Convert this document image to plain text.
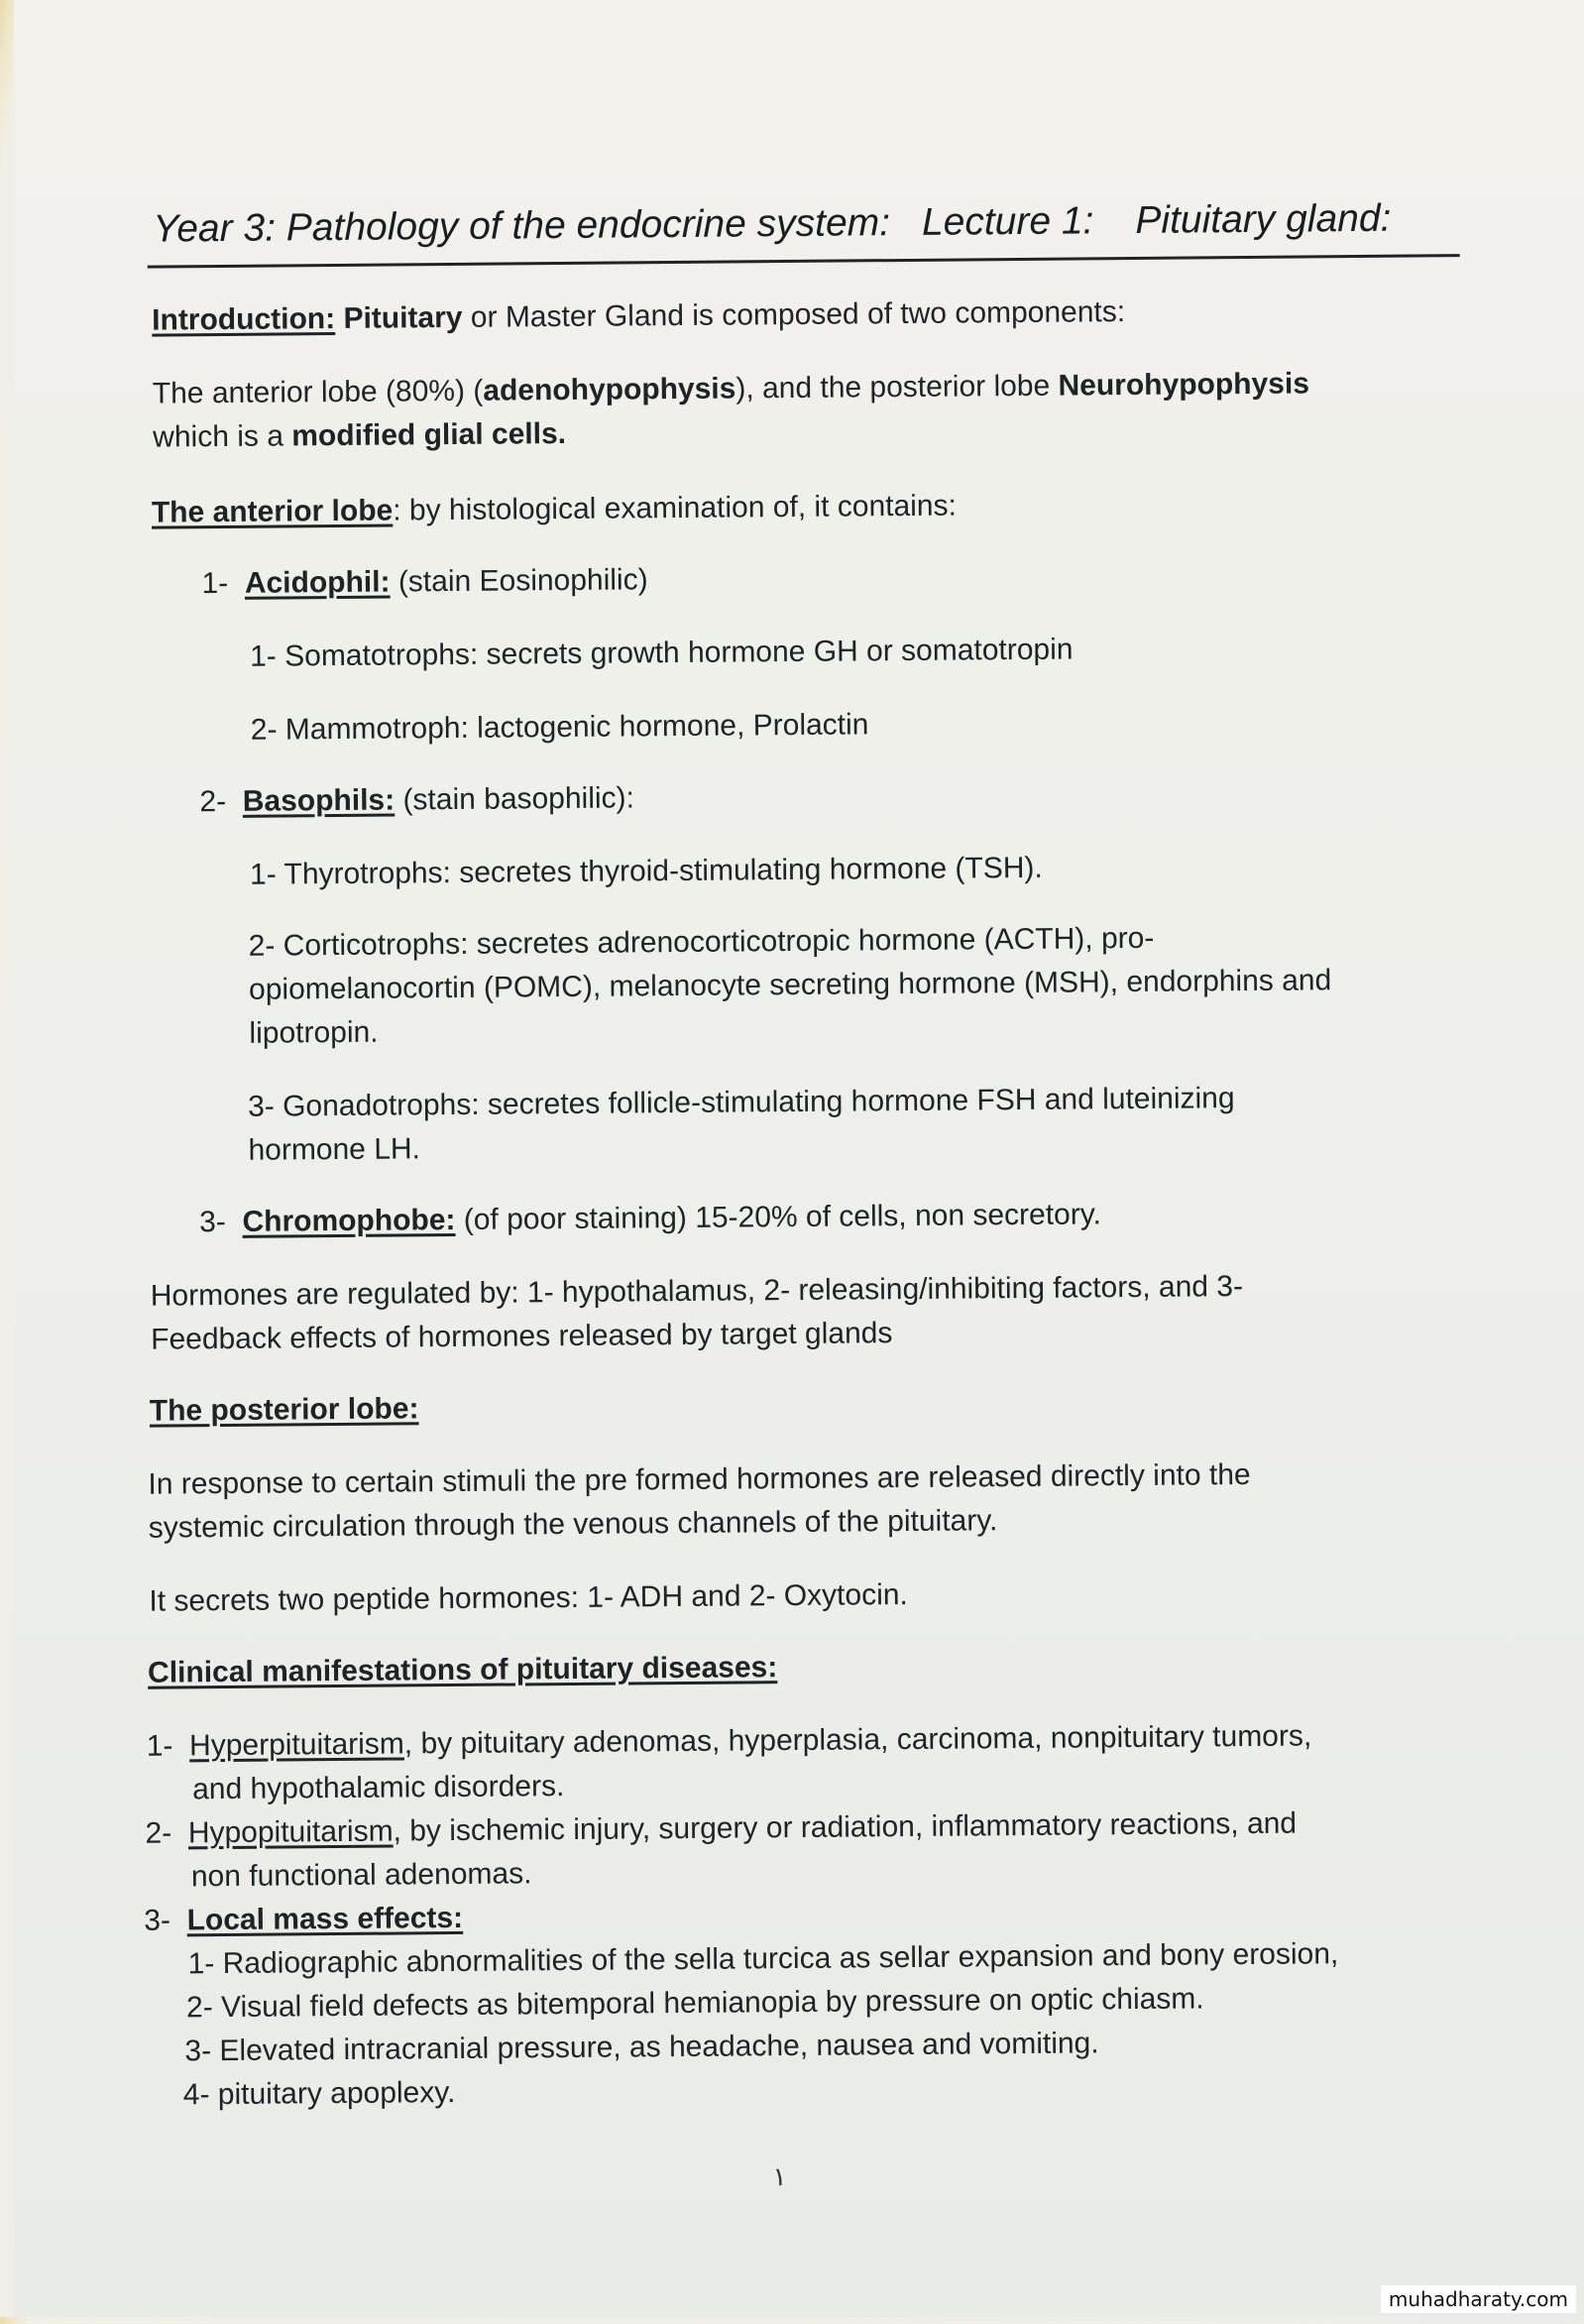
Year 3: Pathology of the endocrine system: Lecture 1: Pituitary gland:
Introduction: Pituitary or Master Gland is composed of two components:
The anterior lobe (80%) (adenohypophysis), and the posterior lobe Neurohypophysis
which is a modified glial cells.
The anterior lobe: by histological examination of, it contains:
1- Acidophil: (stain Eosinophilic)
1- Somatotrophs: secrets growth hormone GH or somatotropin
2- Mammotroph: lactogenic hormone, Prolactin
2- Basophils: (stain basophilic):
1- Thyrotrophs: secretes thyroid-stimulating hormone (TSH).
2- Corticotrophs: secretes adrenocorticotropic hormone (ACTH), pro-
opiomelanocortin (POMC), melanocyte secreting hormone (MSH), endorphins and
lipotropin.
3- Gonadotrophs: secretes follicle-stimulating hormone FSH and luteinizing
hormone LH.
3- Chromophobe: (of poor staining) 15-20% of cells, non secretory.
Hormones are regulated by: 1- hypothalamus, 2- releasing/inhibiting factors, and 3-
Feedback effects of hormones released by target glands
The posterior lobe:
In response to certain stimuli the pre formed hormones are released directly into the
systemic circulation through the venous channels of the pituitary.
It secrets two peptide hormones: 1- ADH and 2- Oxytocin.
Clinical manifestations of pituitary diseases:
1- Hyperpituitarism, by pituitary adenomas, hyperplasia, carcinoma, nonpituitary tumors,
and hypothalamic disorders.
2- Hypopituitarism, by ischemic injury, surgery or radiation, inflammatory reactions, and
non functional adenomas.
3- Local mass effects:
1- Radiographic abnormalities of the sella turcica as sellar expansion and bony erosion,
2- Visual field defects as bitemporal hemianopia by pressure on optic chiasm.
3- Elevated intracranial pressure, as headache, nausea and vomiting.
4- pituitary apoplexy.
١
muhadharaty.com
